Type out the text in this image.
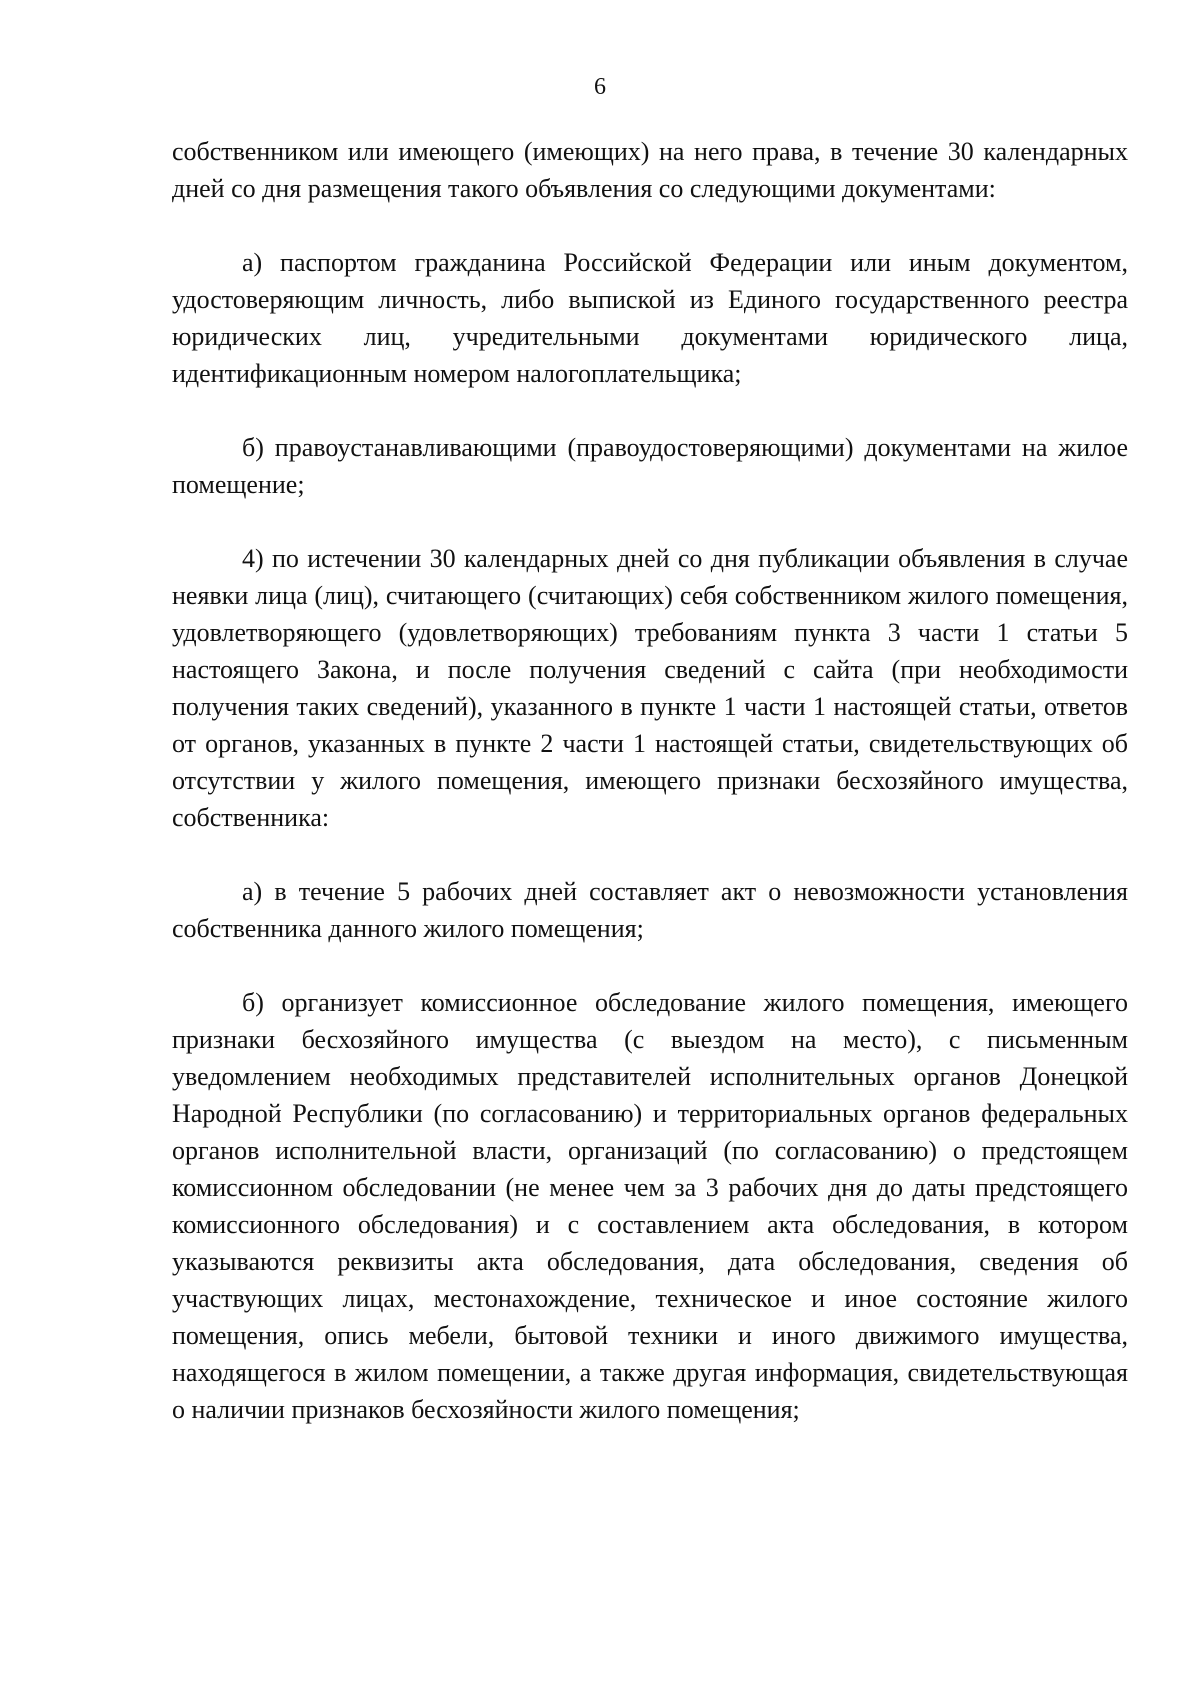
6

собственником или имеющего (имеющих) на него права, в течение 30 календарных дней со дня размещения такого объявления со следующими документами:

а) паспортом гражданина Российской Федерации или иным документом, удостоверяющим личность, либо выпиской из Единого государственного реестра юридических лиц, учредительными документами юридического лица, идентификационным номером налогоплательщика;

б) правоустанавливающими (правоудостоверяющими) документами на жилое помещение;

4) по истечении 30 календарных дней со дня публикации объявления в случае неявки лица (лиц), считающего (считающих) себя собственником жилого помещения, удовлетворяющего (удовлетворяющих) требованиям пункта 3 части 1 статьи 5 настоящего Закона, и после получения сведений с сайта (при необходимости получения таких сведений), указанного в пункте 1 части 1 настоящей статьи, ответов от органов, указанных в пункте 2 части 1 настоящей статьи, свидетельствующих об отсутствии у жилого помещения, имеющего признаки бесхозяйного имущества, собственника:

а) в течение 5 рабочих дней составляет акт о невозможности установления собственника данного жилого помещения;

б) организует комиссионное обследование жилого помещения, имеющего признаки бесхозяйного имущества (с выездом на место), с письменным уведомлением необходимых представителей исполнительных органов Донецкой Народной Республики (по согласованию) и территориальных органов федеральных органов исполнительной власти, организаций (по согласованию) о предстоящем комиссионном обследовании (не менее чем за 3 рабочих дня до даты предстоящего комиссионного обследования) и с составлением акта обследования, в котором указываются реквизиты акта обследования, дата обследования, сведения об участвующих лицах, местонахождение, техническое и иное состояние жилого помещения, опись мебели, бытовой техники и иного движимого имущества, находящегося в жилом помещении, а также другая информация, свидетельствующая о наличии признаков бесхозяйности жилого помещения;
